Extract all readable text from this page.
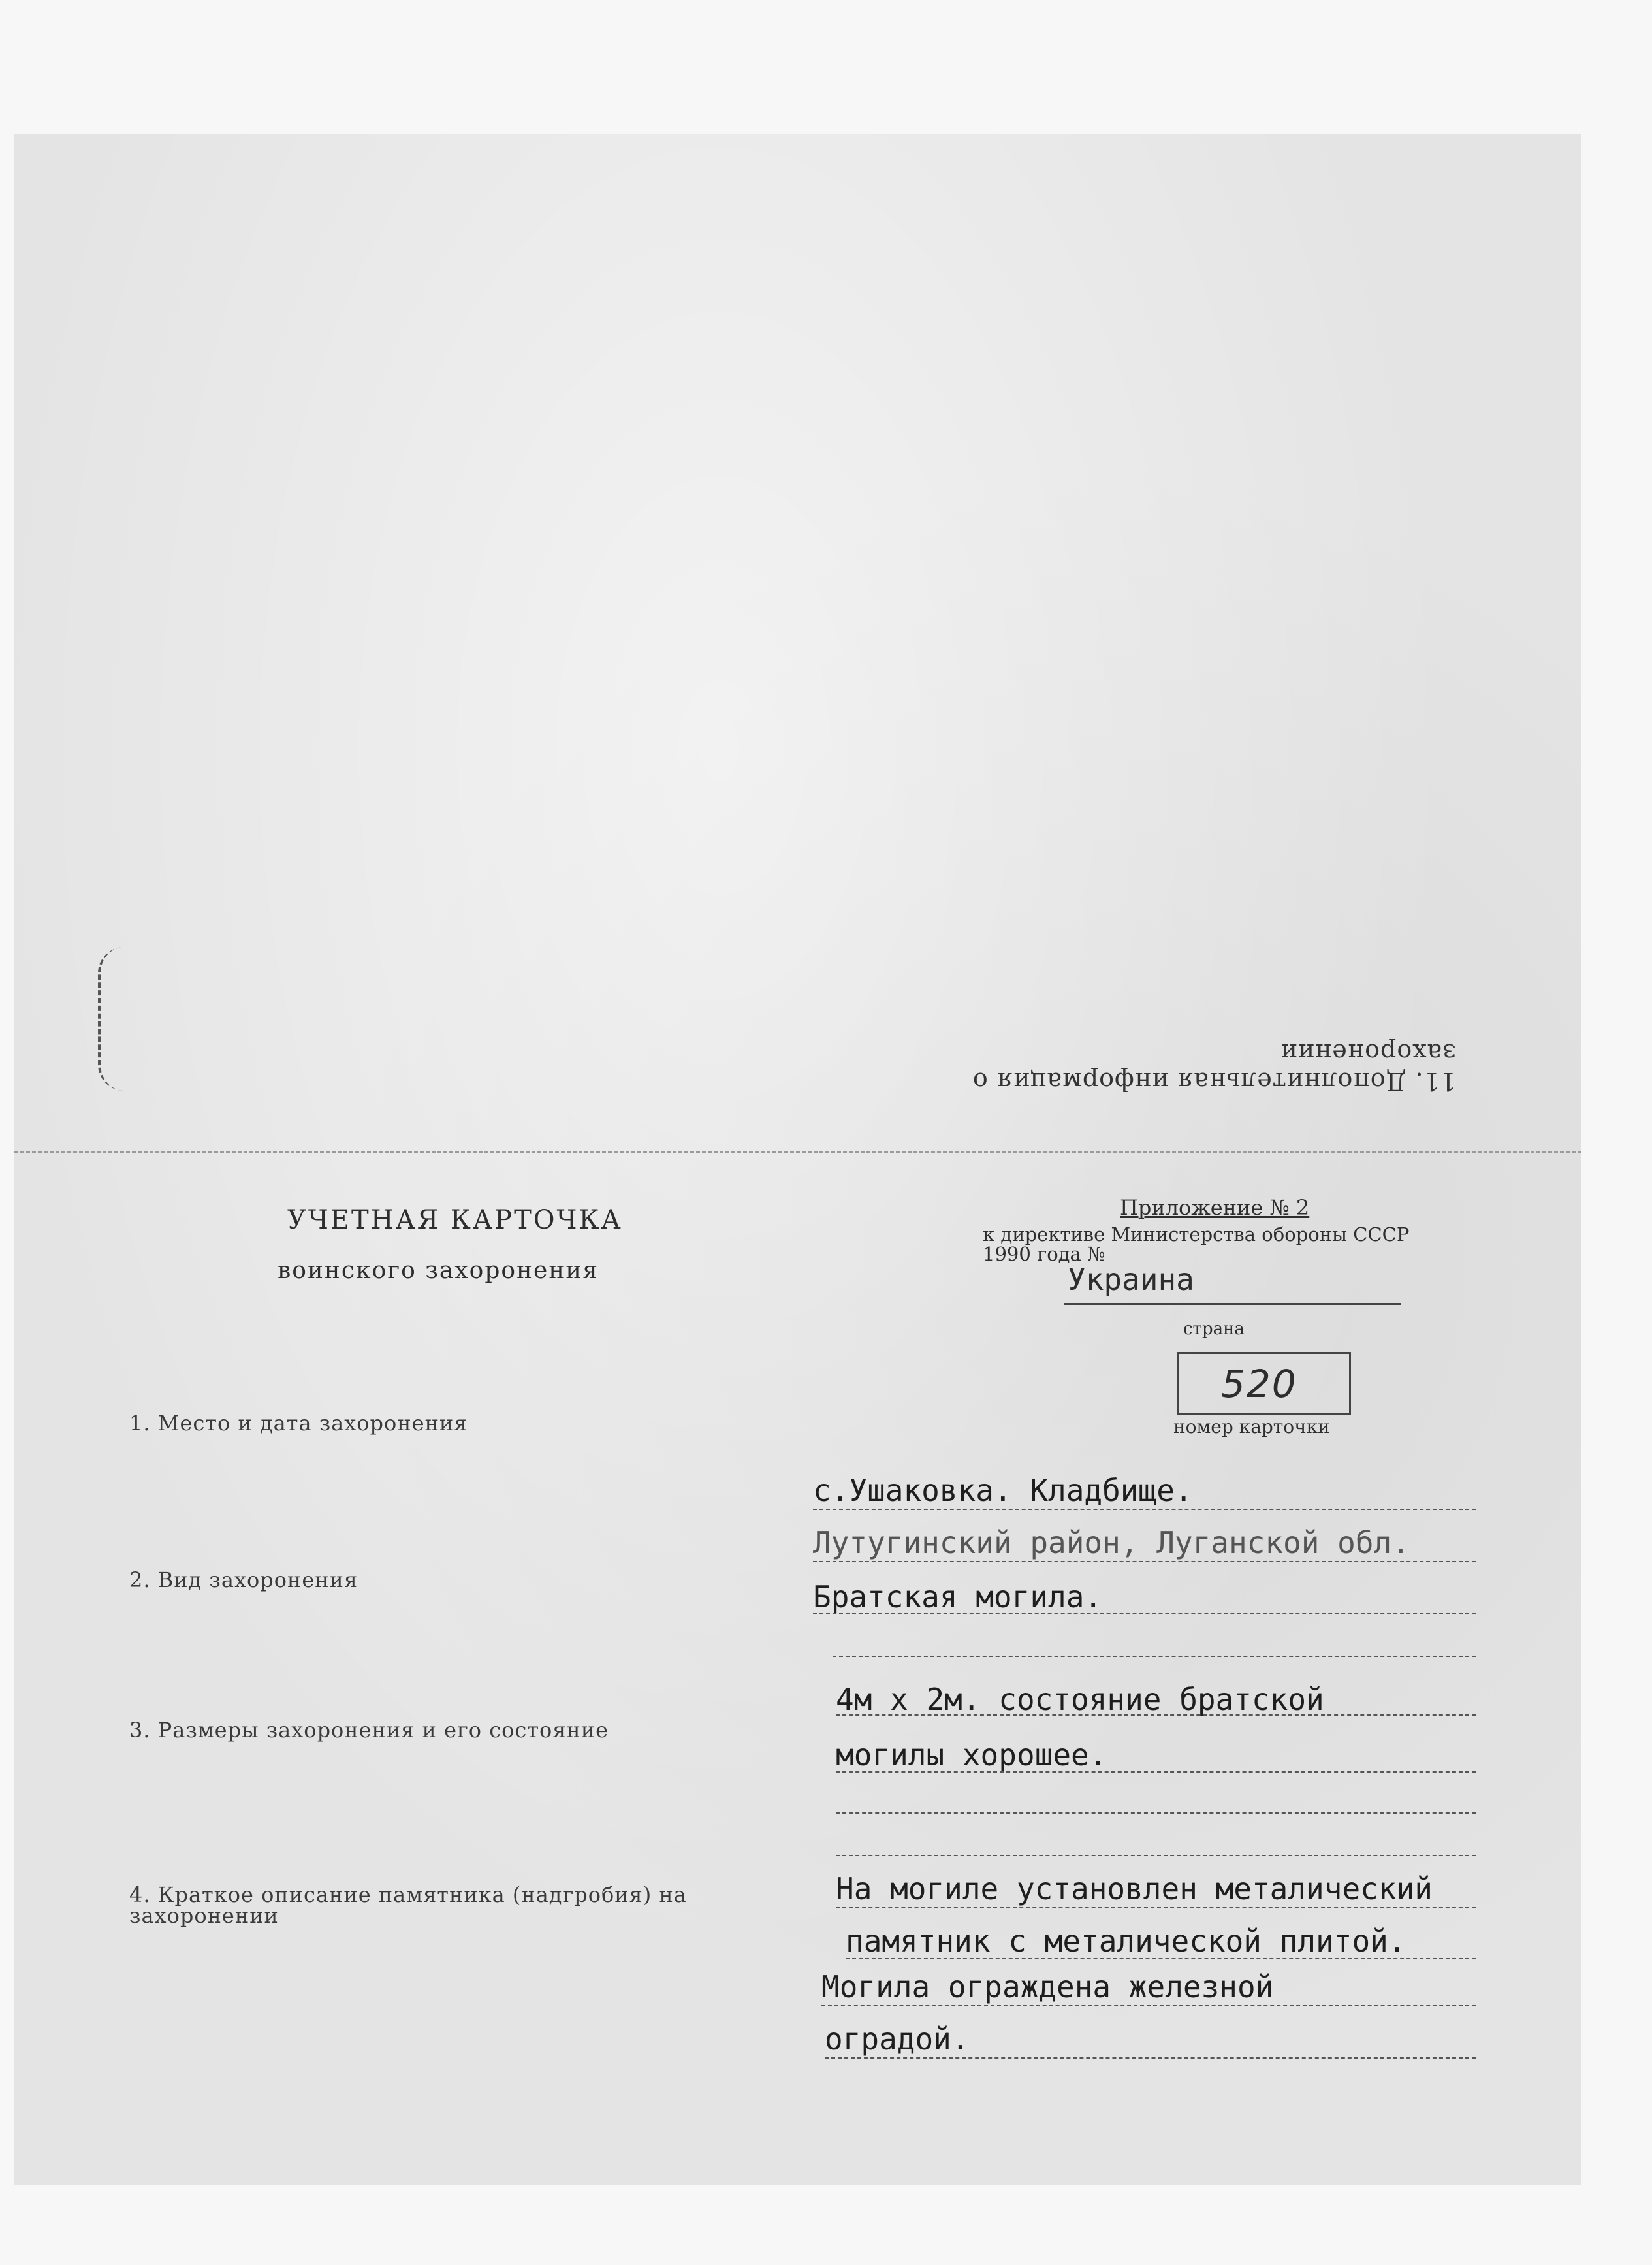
11. Дополнительная информация о захоронении
УЧЕТНАЯ КАРТОЧКА
воинского захоронения
Приложение № 2
к директиве Министерства обороны СССР 1990 года №
Украина
страна
520
номер карточки
1. Место и дата захоронения
с.Ушаковка. Кладбище.
Лутугинский район, Луганской обл.
2. Вид захоронения	Братская могила.
3. Размеры захоронения и его состояние
4м х 2м. состояние братской
могилы хорошее.
4. Краткое описание памятника (надгробия) на захоронении
На могиле установлен металический
памятник с металической плитой.
Могила ограждена железной
оградой.
